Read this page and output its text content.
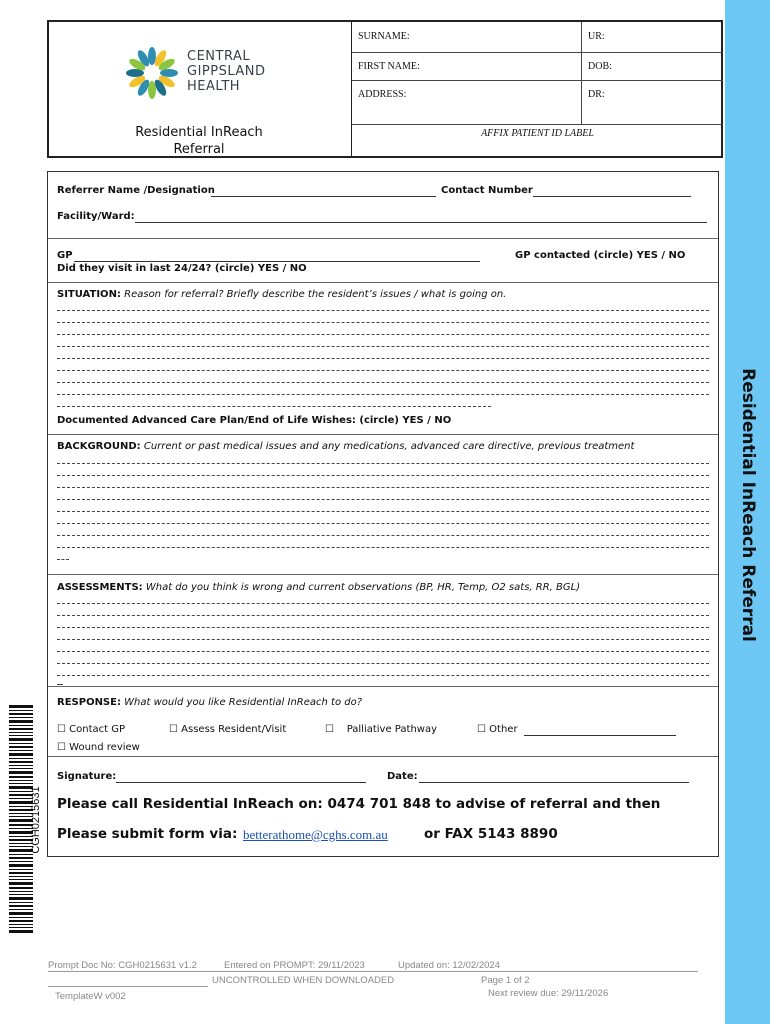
Residential InReach Referral
CENTRAL
GIPPSLAND
HEALTH
Residential InReach
Referral
SURNAME:	UR:
FIRST NAME:	DOB:
ADDRESS:	DR:
AFFIX PATIENT ID LABEL
Referrer Name /Designation	Contact Number
Facility/Ward:
GP	GP contacted (circle) YES / NO
Did they visit in last 24/24? (circle) YES / NO
SITUATION: Reason for referral? Briefly describe the resident’s issues / what is going on.
Documented Advanced Care Plan/End of Life Wishes: (circle) YES / NO
BACKGROUND: Current or past medical issues and any medications, advanced care directive, previous treatment
ASSESSMENTS: What do you think is wrong and current observations (BP, HR, Temp, O2 sats, RR, BGL)
RESPONSE: What would you like Residential InReach to do?
☐ Contact GP	☐ Assess Resident/Visit	☐ Palliative Pathway	☐ Other
☐ Wound review
Signature:	Date:
Please call Residential InReach on: 0474 701 848 to advise of referral and then
Please submit form via: betterathome@cghs.com.au	or FAX 5143 8890
CGH0215631
Prompt Doc No: CGH0215631 v1.2	Entered on PROMPT: 29/11/2023	Updated on: 12/02/2024
UNCONTROLLED WHEN DOWNLOADED	Page 1 of 2
Next review due: 29/11/2026
TemplateW v002
